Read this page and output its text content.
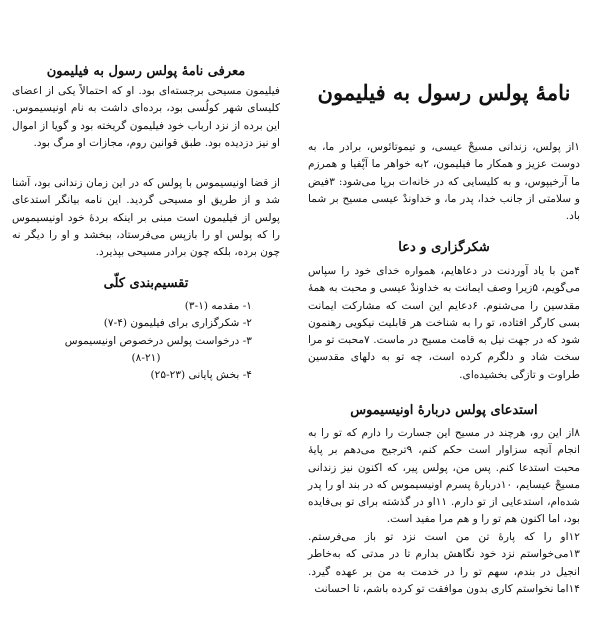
نامهٔ پولس رسول به فیلیمون

۱از پولس، زندانی مسیحْ عیسی، و تیموتائوس، برادر ما، به دوست عزیز و همکار ما فیلیمون، ۲به خواهر ما آپْفیا و همرزم ما آرخیپوس، و به کلیسایی که در خانه‌ات برپا می‌شود: ۳فیض و سلامتی از جانب خدا، پدر ما، و خداوندْ عیسی مسیح بر شما باد.

شکرگزاری و دعا

۴من با یاد آوردنت در دعاهایم، همواره خدای خود را سپاس می‌گویم، ۵زیرا وصف ایمانت به خداوندْ عیسی و محبت به همهٔ مقدسین را می‌شنوم. ۶دعایم این است که مشارکت ایمانت بسی کارگر افتاده، تو را به شناخت هر قابلیت نیکویی رهنمون شود که در جهت نیل به قامت مسیح در ماست. ۷محبت تو مرا سخت شاد و دلگرم کرده است، چه تو به دلهای مقدسین طراوت و تازگی بخشیده‌ای.

استدعای پولس دربارهٔ اونیسیموس

۸از این رو، هرچند در مسیح این جسارت را دارم که تو را به انجام آنچه سزاوار است حکم کنم، ۹ترجیح می‌دهم بر پایهٔ محبت استدعا کنم. پس من، پولس پیر، که اکنون نیز زندانی مسیحْ عیسایم، ۱۰دربارهٔ پسرم اونیسیموس که در بند او را پدر شده‌ام، استدعایی از تو دارم. ۱۱او در گذشته برای تو بی‌فایده بود، اما اکنون هم تو را و هم مرا مفید است.

۱۲او را که پارهٔ تن من است نزد تو باز می‌فرستم. ۱۳می‌خواستم نزد خود نگاهش بدارم تا در مدتی که به‌خاطر انجیل در بندم، سهم تو را در خدمت به من بر عهده گیرد. ۱۴اما نخواستم کاری بدون موافقت تو کرده باشم، تا احسانت

معرفی نامهٔ پولس رسول به فیلیمون

فیلیمون مسیحی برجسته‌ای بود. او که احتمالاً یکی از اعضای کلیسای شهر کولُسی بود، برده‌ای داشت به نام اونیسیموس. این برده از نزد ارباب خود فیلیمون گریخته بود و گویا از اموال او نیز دزدیده بود. طبق قوانین روم، مجازات او مرگ بود.

از قضا اونیسیموس با پولس که در این زمان زندانی بود، آشنا شد و از طریق او مسیحی گردید. این نامه بیانگر استدعای پولس از فیلیمون است مبنی بر اینکه بردهٔ خود اونیسیموس را که پولس او را بازپس می‌فرستاد، ببخشد و او را دیگر نه چون برده، بلکه چون برادر مسیحی بپذیرد.

تقسیم‌بندی کلّی
۱- مقدمه (۱-۳)
۲- شکرگزاری برای فیلیمون (۴-۷)
۳- درخواست پولس درخصوص اونیسیموس
(۸-۲۱)
۴- بخش پایانی (۲۳-۲۵)
